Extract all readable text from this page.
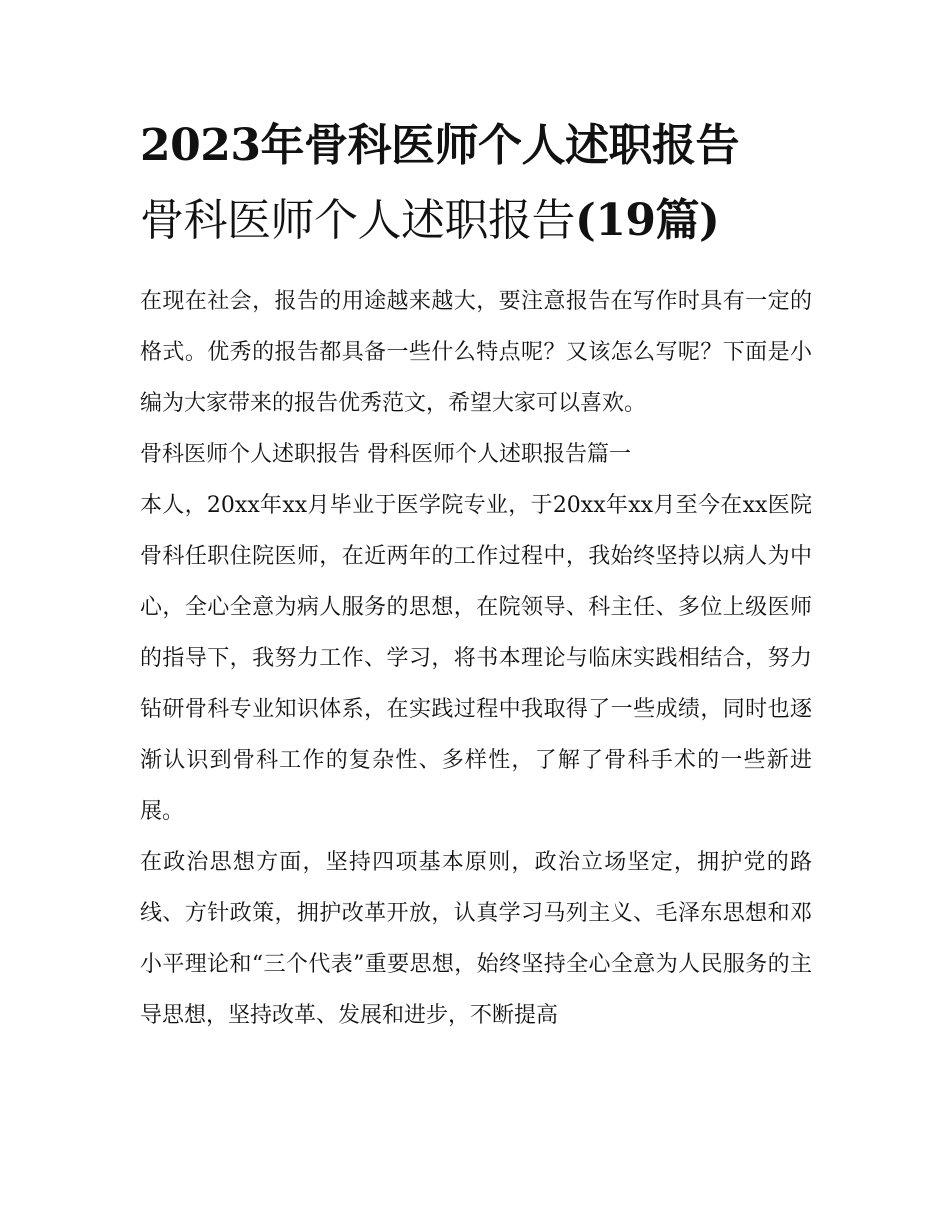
2023年骨科医师个人述职报告
骨科医师个人述职报告(19篇)

在现在社会，报告的用途越来越大，要注意报告在写作时具有一定的格式。优秀的报告都具备一些什么特点呢？又该怎么写呢？下面是小编为大家带来的报告优秀范文，希望大家可以喜欢。

骨科医师个人述职报告 骨科医师个人述职报告篇一

本人，20xx年xx月毕业于医学院专业，于20xx年xx月至今在xx医院骨科任职住院医师，在近两年的工作过程中，我始终坚持以病人为中心，全心全意为病人服务的思想，在院领导、科主任、多位上级医师的指导下，我努力工作、学习，将书本理论与临床实践相结合，努力钻研骨科专业知识体系，在实践过程中我取得了一些成绩，同时也逐渐认识到骨科工作的复杂性、多样性，了解了骨科手术的一些新进展。

在政治思想方面，坚持四项基本原则，政治立场坚定，拥护党的路线、方针政策，拥护改革开放，认真学习马列主义、毛泽东思想和邓小平理论和“三个代表”重要思想，始终坚持全心全意为人民服务的主导思想，坚持改革、发展和进步，不断提高
